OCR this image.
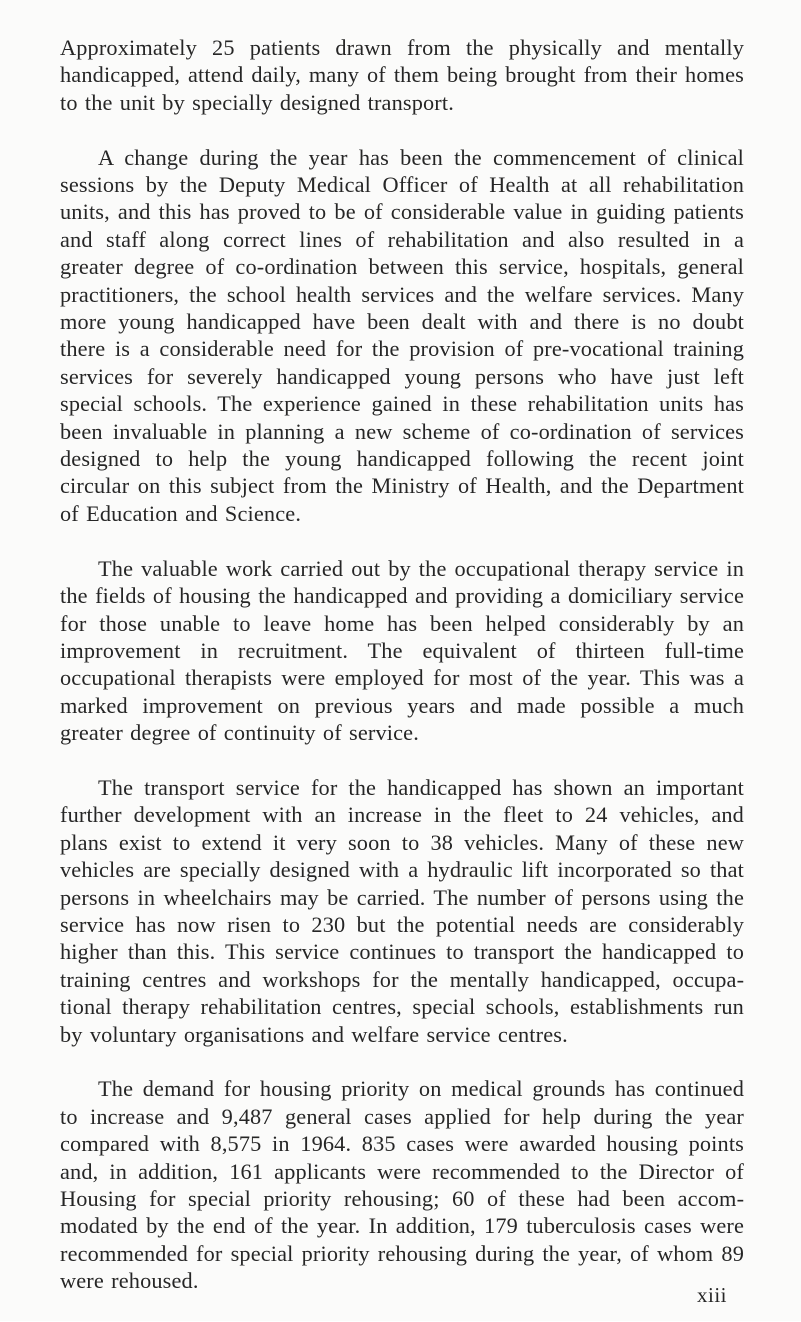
Approximately 25 patients drawn from the physically and mentally handicapped, attend daily, many of them being brought from their homes to the unit by specially designed transport.

A change during the year has been the commencement of clinical sessions by the Deputy Medical Officer of Health at all rehabilitation units, and this has proved to be of considerable value in guiding patients and staff along correct lines of rehabilitation and also resulted in a greater degree of co-ordination between this service, hospitals, general practitioners, the school health services and the welfare services. Many more young handicapped have been dealt with and there is no doubt there is a considerable need for the provision of pre-vocational training services for severely handicapped young persons who have just left special schools. The experience gained in these rehabilitation units has been invaluable in planning a new scheme of co-ordination of services designed to help the young handicapped following the recent joint circular on this subject from the Ministry of Health, and the Department of Education and Science.

The valuable work carried out by the occupational therapy service in the fields of housing the handicapped and providing a domiciliary service for those unable to leave home has been helped considerably by an improvement in recruitment. The equivalent of thirteen full-time occupational therapists were employed for most of the year. This was a marked improvement on previous years and made possible a much greater degree of continuity of service.

The transport service for the handicapped has shown an important further development with an increase in the fleet to 24 vehicles, and plans exist to extend it very soon to 38 vehicles. Many of these new vehicles are specially designed with a hydraulic lift incorporated so that persons in wheelchairs may be carried. The number of persons using the service has now risen to 230 but the potential needs are considerably higher than this. This service continues to transport the handicapped to training centres and workshops for the mentally handicapped, occupational therapy rehabilitation centres, special schools, establishments run by voluntary organisations and welfare service centres.

The demand for housing priority on medical grounds has continued to increase and 9,487 general cases applied for help during the year compared with 8,575 in 1964. 835 cases were awarded housing points and, in addition, 161 applicants were recommended to the Director of Housing for special priority rehousing; 60 of these had been accommodated by the end of the year. In addition, 179 tuberculosis cases were recommended for special priority rehousing during the year, of whom 89 were rehoused.

xiii
